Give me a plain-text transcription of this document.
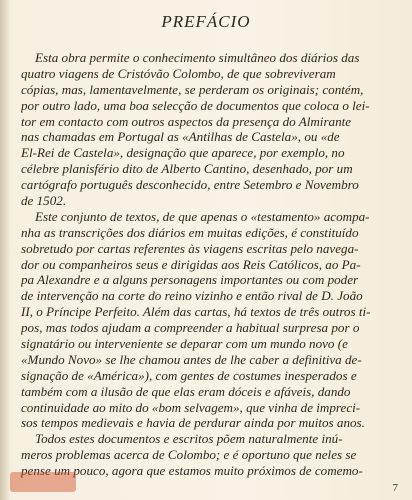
PREFÁCIO
Esta obra permite o conhecimento simultâneo dos diários das
quatro viagens de Cristóvão Colombo, de que sobreviveram
cópias, mas, lamentavelmente, se perderam os originais; contém,
por outro lado, uma boa selecção de documentos que coloca o lei-
tor em contacto com outros aspectos da presença do Almirante
nas chamadas em Portugal as «Antilhas de Castela», ou «de
El-Rei de Castela», designação que aparece, por exemplo, no
célebre planisfério dito de Alberto Cantino, desenhado, por um
cartógrafo português desconhecido, entre Setembro e Novembro
de 1502.
Este conjunto de textos, de que apenas o «testamento» acompa-
nha as transcrições dos diários em muitas edições, é constituído
sobretudo por cartas referentes às viagens escritas pelo navega-
dor ou companheiros seus e dirigidas aos Reis Católicos, ao Pa-
pa Alexandre e a alguns personagens importantes ou com poder
de intervenção na corte do reino vizinho e então rival de D. João
II, o Príncipe Perfeito. Além das cartas, há textos de três outros ti-
pos, mas todos ajudam a compreender a habitual surpresa por o
signatário ou interveniente se deparar com um mundo novo (e
«Mundo Novo» se lhe chamou antes de lhe caber a definitiva de-
signação de «América»), com gentes de costumes inesperados e
também com a ilusão de que elas eram dóceis e afáveis, dando
continuidade ao mito do «bom selvagem», que vinha de impreci-
sos tempos medievais e havia de perdurar ainda por muitos anos.
Todos estes documentos e escritos põem naturalmente inú-
meros problemas acerca de Colombo; e é oportuno que neles se
pense um pouco, agora que estamos muito próximos de comemo-
7
